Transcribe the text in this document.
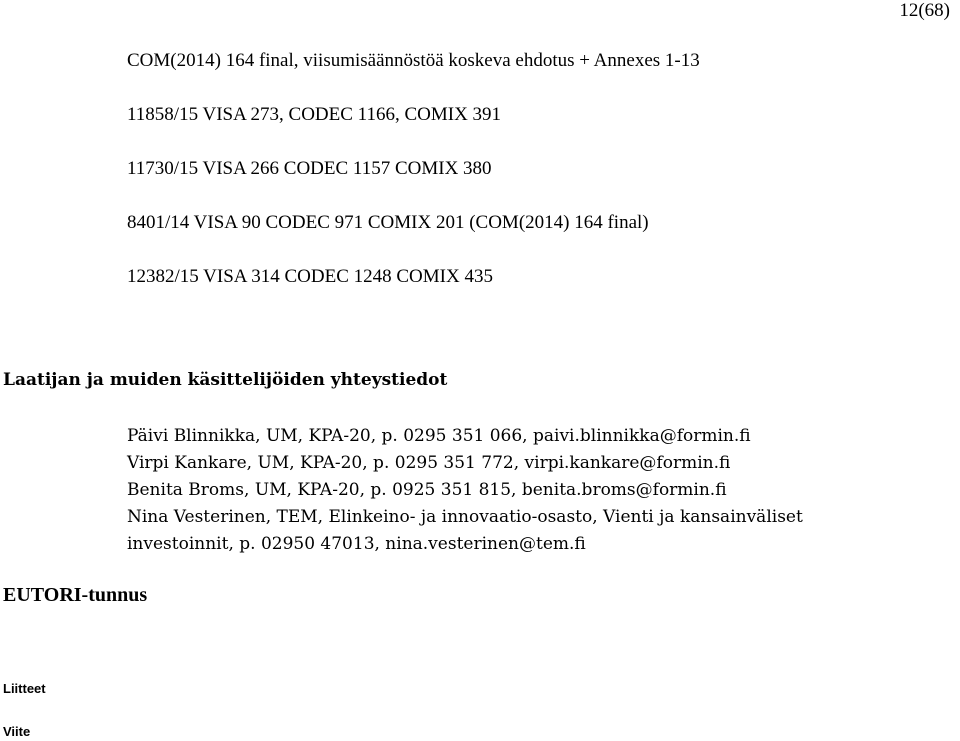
12(68)
COM(2014) 164 final, viisumisäännöstöä koskeva ehdotus + Annexes 1-13
11858/15 VISA 273, CODEC 1166, COMIX 391
11730/15 VISA 266 CODEC 1157 COMIX 380
8401/14 VISA 90 CODEC 971 COMIX 201 (COM(2014) 164 final)
12382/15 VISA 314 CODEC 1248 COMIX 435
Laatijan ja muiden käsittelijöiden yhteystiedot
Päivi Blinnikka, UM, KPA-20, p. 0295 351 066, paivi.blinnikka@formin.fi
Virpi Kankare, UM, KPA-20, p. 0295 351 772, virpi.kankare@formin.fi
Benita Broms, UM, KPA-20, p. 0925 351 815, benita.broms@formin.fi
Nina Vesterinen, TEM, Elinkeino- ja innovaatio-osasto, Vienti ja kansainväliset
investoinnit, p. 02950 47013, nina.vesterinen@tem.fi
EUTORI-tunnus
Liitteet
Viite
